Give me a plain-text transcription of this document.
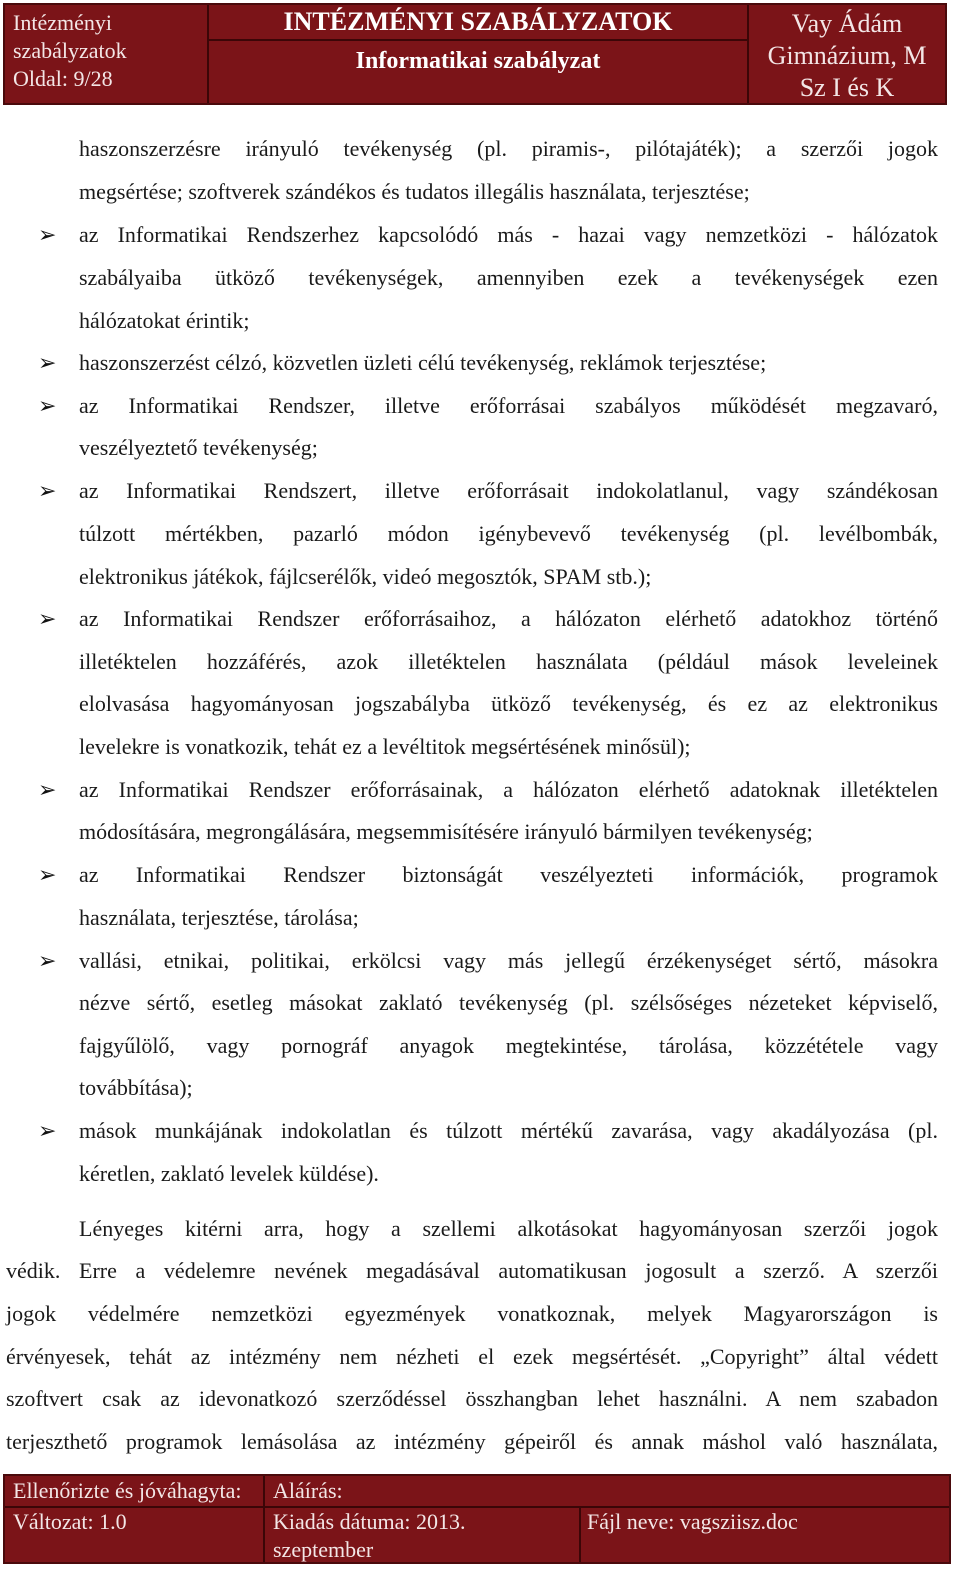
Intézményi
szabályzatok
Oldal: 9/28
INTÉZMÉNYI SZABÁLYZATOK
Informatikai szabályzat
Vay Ádám
Gimnázium, M
Sz I és K
haszonszerzésre irányuló tevékenység (pl. piramis-, pilótajáték); a szerzői jogok
megsértése; szoftverek szándékos és tudatos illegális használata, terjesztése;
➢ az Informatikai Rendszerhez kapcsolódó más - hazai vagy nemzetközi - hálózatok
szabályaiba ütköző tevékenységek, amennyiben ezek a tevékenységek ezen
hálózatokat érintik;
➢ haszonszerzést célzó, közvetlen üzleti célú tevékenység, reklámok terjesztése;
➢ az Informatikai Rendszer, illetve erőforrásai szabályos működését megzavaró,
veszélyeztető tevékenység;
➢ az Informatikai Rendszert, illetve erőforrásait indokolatlanul, vagy szándékosan
túlzott mértékben, pazarló módon igénybevevő tevékenység (pl. levélbombák,
elektronikus játékok, fájlcserélők, videó megosztók, SPAM stb.);
➢ az Informatikai Rendszer erőforrásaihoz, a hálózaton elérhető adatokhoz történő
illetéktelen hozzáférés, azok illetéktelen használata (például mások leveleinek
elolvasása hagyományosan jogszabályba ütköző tevékenység, és ez az elektronikus
levelekre is vonatkozik, tehát ez a levéltitok megsértésének minősül);
➢ az Informatikai Rendszer erőforrásainak, a hálózaton elérhető adatoknak illetéktelen
módosítására, megrongálására, megsemmisítésére irányuló bármilyen tevékenység;
➢ az Informatikai Rendszer biztonságát veszélyezteti információk, programok
használata, terjesztése, tárolása;
➢ vallási, etnikai, politikai, erkölcsi vagy más jellegű érzékenységet sértő, másokra
nézve sértő, esetleg másokat zaklató tevékenység (pl. szélsőséges nézeteket képviselő,
fajgyűlölő, vagy pornográf anyagok megtekintése, tárolása, közzététele vagy
továbbítása);
➢ mások munkájának indokolatlan és túlzott mértékű zavarása, vagy akadályozása (pl.
kéretlen, zaklató levelek küldése).
Lényeges kitérni arra, hogy a szellemi alkotásokat hagyományosan szerzői jogok
védik. Erre a védelemre nevének megadásával automatikusan jogosult a szerző. A szerzői
jogok védelmére nemzetközi egyezmények vonatkoznak, melyek Magyarországon is
érvényesek, tehát az intézmény nem nézheti el ezek megsértését. „Copyright” által védett
szoftvert csak az idevonatkozó szerződéssel összhangban lehet használni. A nem szabadon
terjeszthető programok lemásolása az intézmény gépeiről és annak máshol való használata,
Ellenőrizte és jóváhagyta: Aláírás:
Változat: 1.0	Kiadás dátuma: 2013.
szeptember
Fájl neve: vagsziisz.doc
